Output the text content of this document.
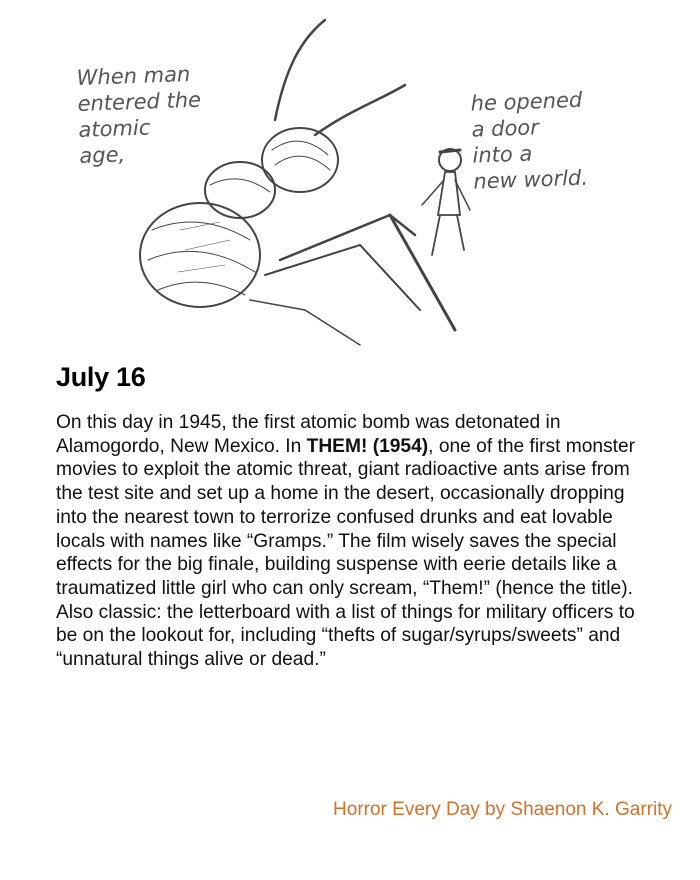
When man
entered the
atomic
age,
he opened
a door
into a
new world.
July 16

On this day in 1945, the first atomic bomb was detonated in Alamogordo, New Mexico. In THEM! (1954), one of the first monster movies to exploit the atomic threat, giant radioactive ants arise from the test site and set up a home in the desert, occasionally dropping into the nearest town to terrorize confused drunks and eat lovable locals with names like “Gramps.” The film wisely saves the special effects for the big finale, building suspense with eerie details like a traumatized little girl who can only scream, “Them!” (hence the title). Also classic: the letterboard with a list of things for military officers to be on the lookout for, including “thefts of sugar/syrups/sweets” and “unnatural things alive or dead.”

Horror Every Day by Shaenon K. Garrity
